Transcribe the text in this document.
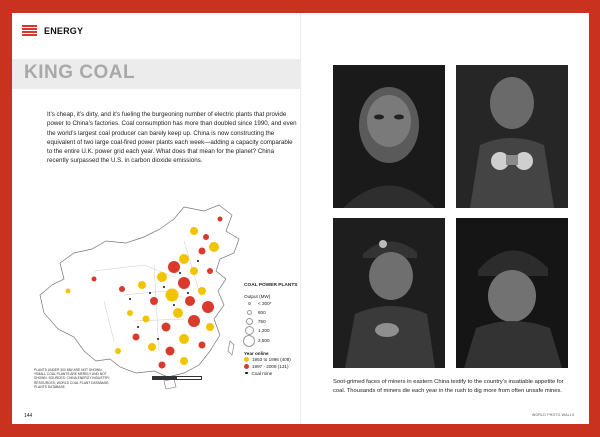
ENERGY
KING COAL

It’s cheap, it’s dirty, and it’s fueling the burgeoning number of electric plants that provide power to China’s factories. Coal consumption has more than doubled since 1990, and even the world’s largest coal producer can barely keep up. China is now constructing the equivalent of two large coal-fired power plants each week—adding a capacity comparable to the entire U.K. power grid each year. What does that mean for the planet? China recently surpassed the U.S. in carbon dioxide emissions.

COAL POWER PLANTS
Output (MW)
< 300*
600
750
1,200
2,500
Year online
1953 to 1996 (408)
1997 - 2009 (131)
Coal mine
PLANTS UNDER 300 MW ARE NOT SHOWN. *SMALL COAL PLANTS ARE MERELY AND NOT SHOWN. SOURCES: CHINA ENERGY INDUSTRY; RESOURCES; WORLD COAL PLANT DATABASE; PLANTS DATABASE
144

Soot-grimed faces of miners in eastern China testify to the country’s insatiable appetite for coal. Thousands of miners die each year in the rush to dig more from often unsafe mines.

WORLD PHOTO WALLS
